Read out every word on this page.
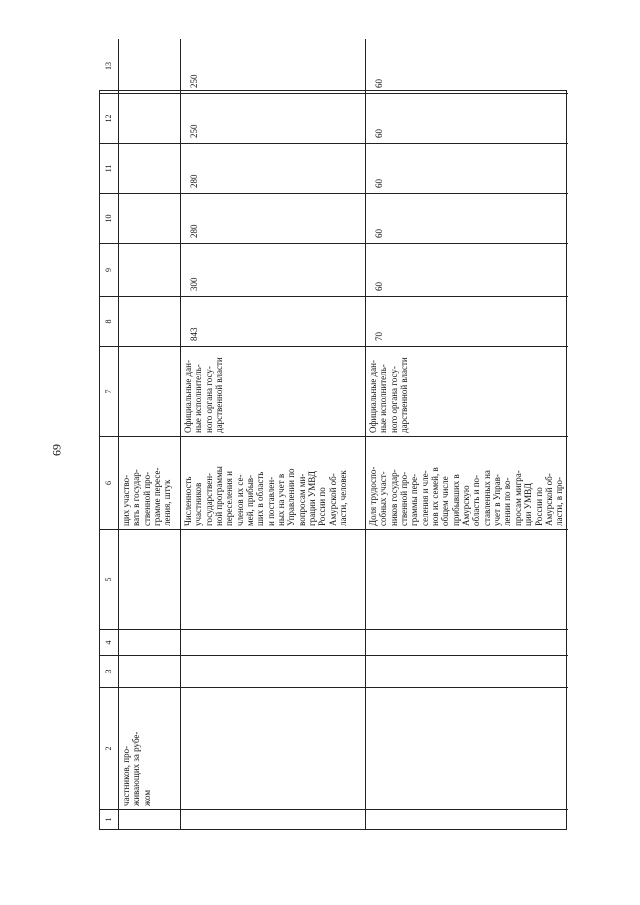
69
1
2
3
4
5
6
7
8
9
10
11
12
13
частников, про-
живающих за рубе-
жом
щих участво-
вать в государ-
ственной про-
грамме пересе-
ления, штук	Численность
участников
государствен-
ной программы
переселения и
членов их се-
мей, прибыв-
ших в область
и поставлен-
ных на учет в
Управлении по
вопросам ми-
грации УМВД
России по
Амурской об-
ласти, человек
Официальные дан-
ные исполнитель-
ного органа госу-
дарственной власти
843
300
280
280
250
250
Доля трудоспо-
собных участ-
ников государ-
ственной про-
граммы пере-
селения и чле-
нов их семей, в
общем числе
прибывших в
Амурскую
область и по-
ставленных на
учет в Управ-
лении по во-
просам мигра-
ции УМВД
России по
Амурской об-
ласти, в про-
Официальные дан-
ные исполнитель-
ного органа госу-
дарственной власти
70
60
60
60
60
60
